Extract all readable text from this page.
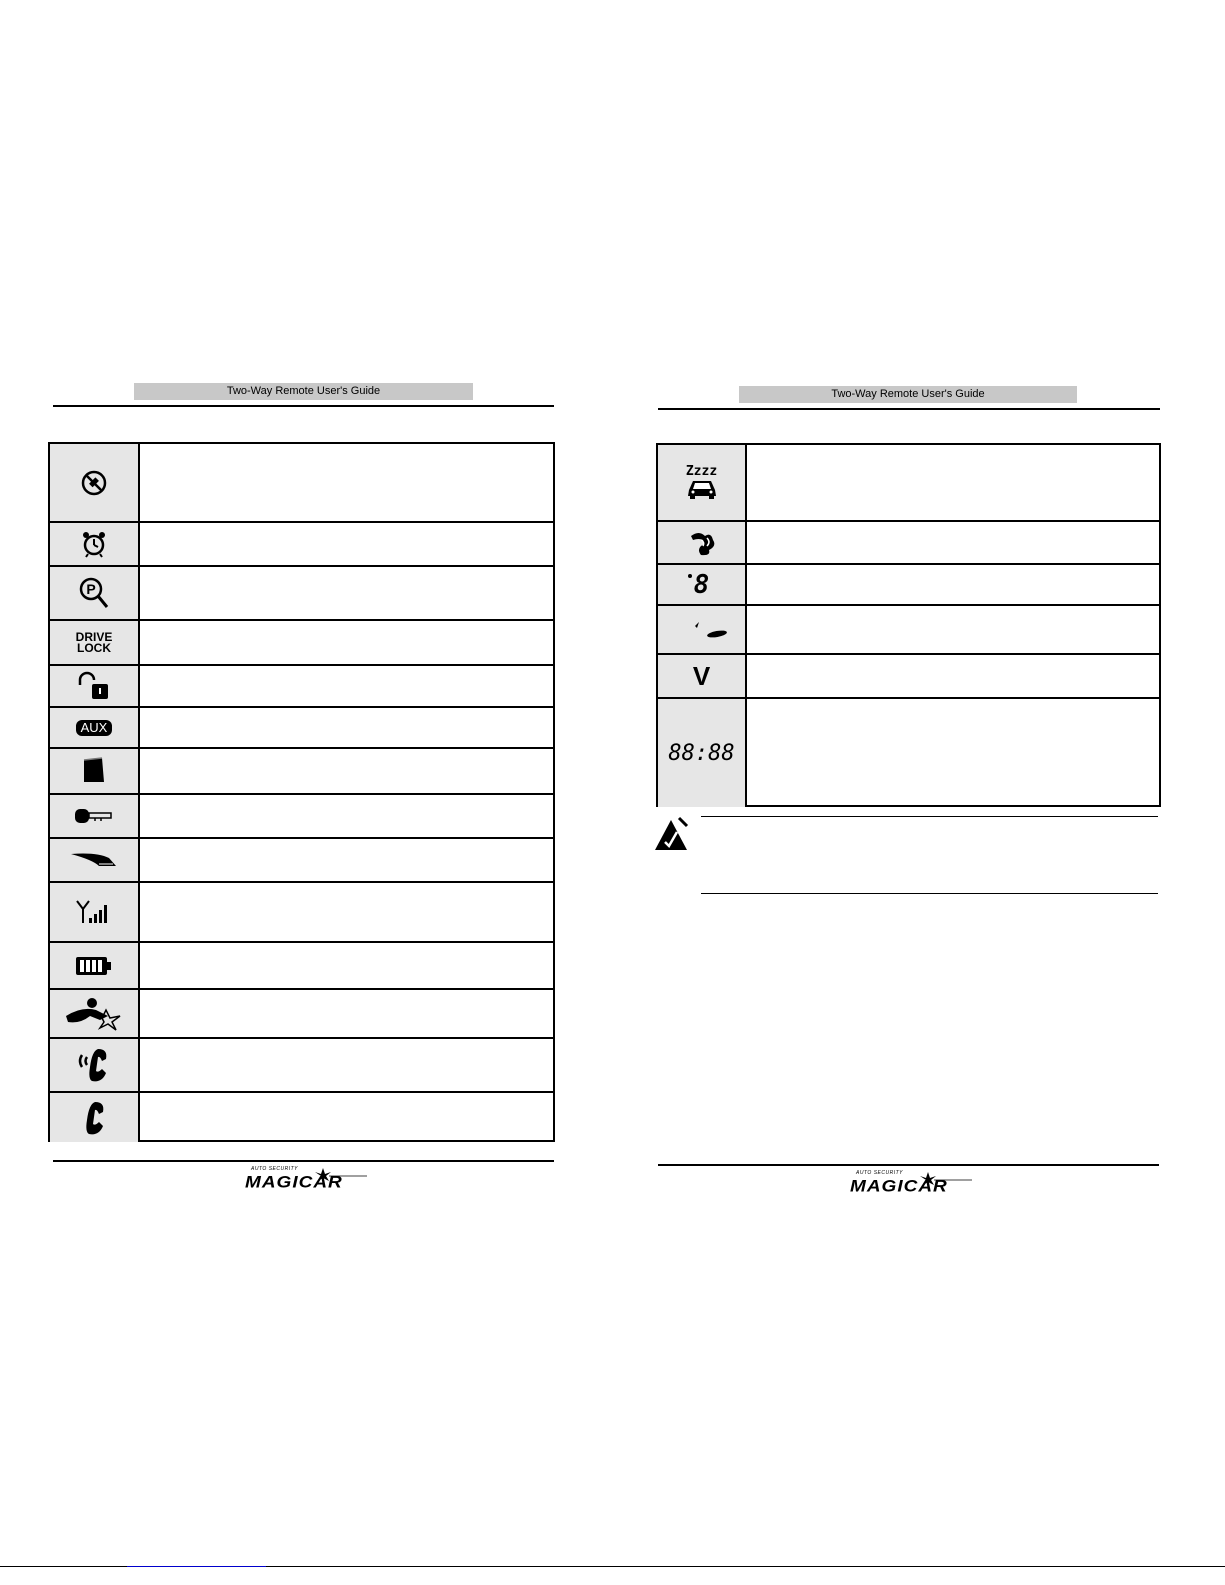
Two-Way Remote User's Guide
P
DRIVE
LOCK
AUX
AUTO SECURITY
MAGICAR
Two-Way Remote User's Guide
Zzzz
8
V
88:88
AUTO SECURITY
MAGICAR
